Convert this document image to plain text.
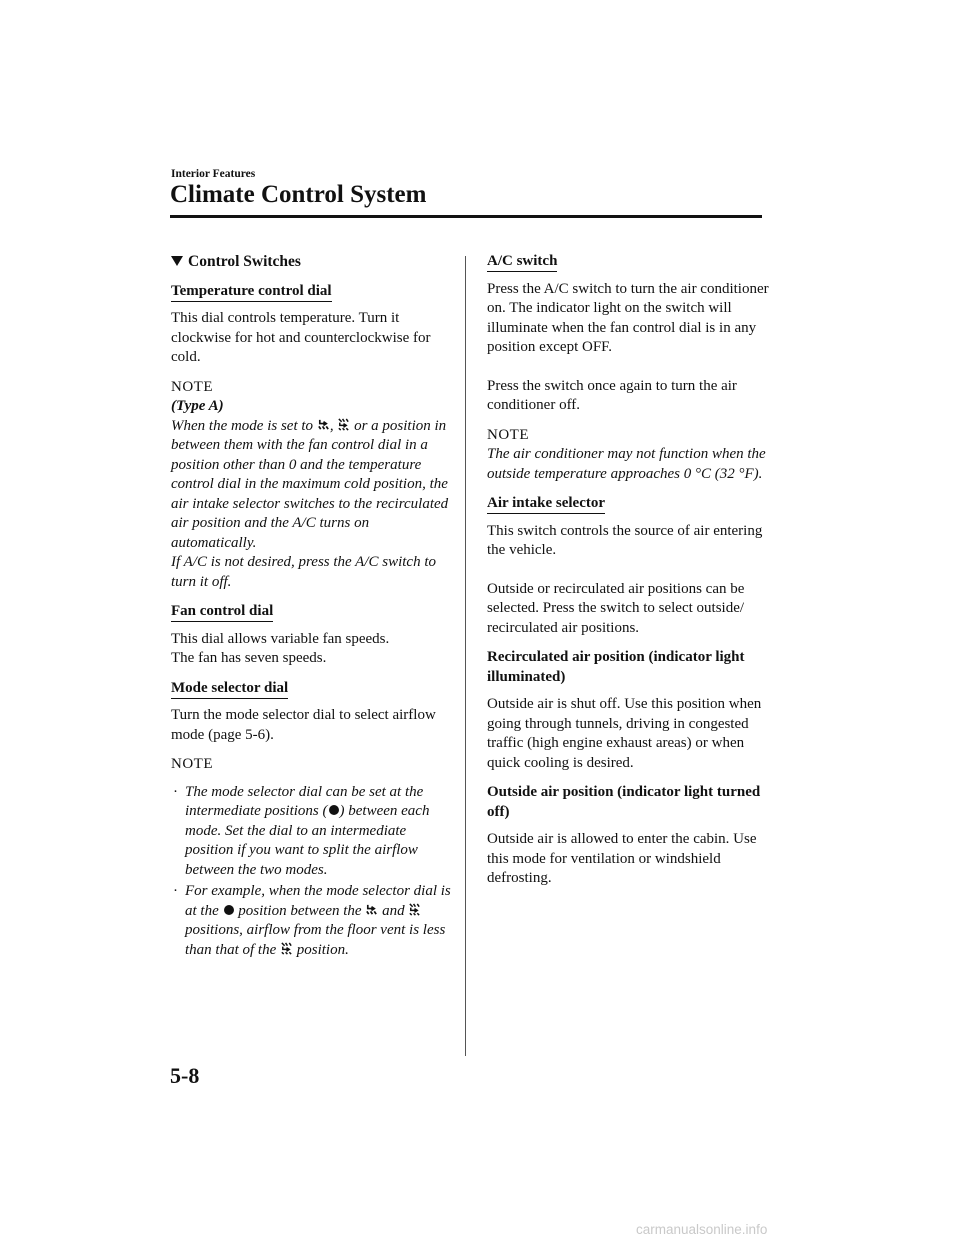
Interior Features
Climate Control System
Control Switches
Temperature control dial

This dial controls temperature. Turn it clockwise for hot and counterclockwise for cold.

NOTE
(Type A)
When the mode is set to , or a position in between them with the fan control dial in a position other than 0 and the temperature control dial in the maximum cold position, the air intake selector switches to the recirculated air position and the A/C turns on automatically.
If A/C is not desired, press the A/C switch to turn it off.
Fan control dial

This dial allows variable fan speeds.
The fan has seven speeds.

Mode selector dial

Turn the mode selector dial to select airflow mode (page 5-6).

NOTE
· The mode selector dial can be set at the intermediate positions ( ) between each mode. Set the dial to an intermediate position if you want to split the airflow between the two modes.
· For example, when the mode selector dial is at the position between the and  positions, airflow from the floor vent is less than that of the position.
A/C switch

Press the A/C switch to turn the air conditioner on. The indicator light on the switch will illuminate when the fan control dial is in any position except OFF.

Press the switch once again to turn the air conditioner off.

NOTE
The air conditioner may not function when the outside temperature approaches 0 °C (32 °F).
Air intake selector

This switch controls the source of air entering the vehicle.

Outside or recirculated air positions can be selected. Press the switch to select outside/ recirculated air positions.

Recirculated air position (indicator light illuminated)

Outside air is shut off. Use this position when going through tunnels, driving in congested traffic (high engine exhaust areas) or when quick cooling is desired.

Outside air position (indicator light turned off)

Outside air is allowed to enter the cabin. Use this mode for ventilation or windshield defrosting.

5-8
carmanualsonline.info
